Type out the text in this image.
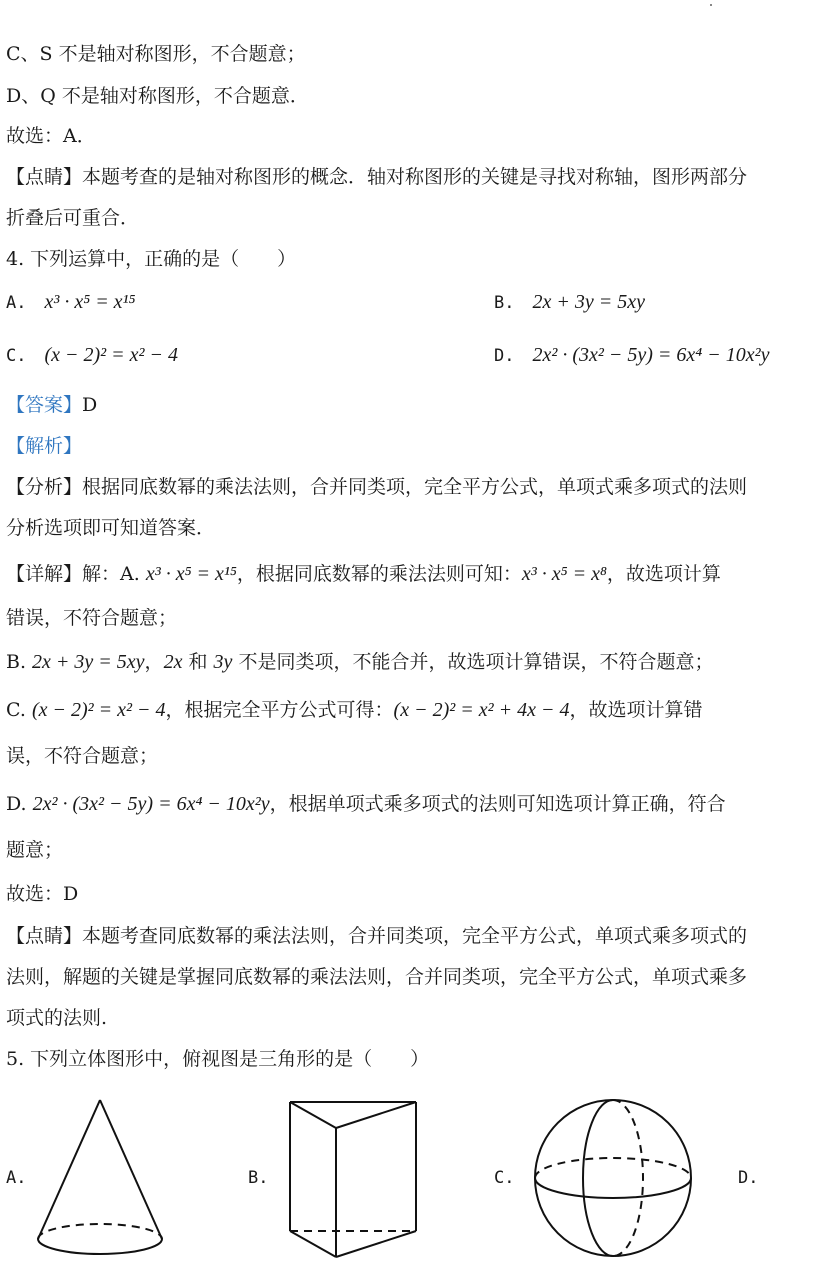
C、S 不是轴对称图形，不合题意；
D、Q 不是轴对称图形，不合题意．
故选：A．
【点睛】本题考查的是轴对称图形的概念．轴对称图形的关键是寻找对称轴，图形两部分
折叠后可重合．
4. 下列运算中，正确的是（　　）
A. x³ · x⁵ = x¹⁵	B. 2x + 3y = 5xy
C. (x − 2)² = x² − 4	D. 2x² · (3x² − 5y) = 6x⁴ − 10x²y
【答案】D
【解析】
【分析】根据同底数幂的乘法法则，合并同类项，完全平方公式，单项式乘多项式的法则
分析选项即可知道答案．
【详解】解：A. x³ · x⁵ = x¹⁵，根据同底数幂的乘法法则可知：x³ · x⁵ = x⁸，故选项计算
错误，不符合题意；
B. 2x + 3y = 5xy，2x 和 3y 不是同类项，不能合并，故选项计算错误，不符合题意；
C. (x − 2)² = x² − 4，根据完全平方公式可得：(x − 2)² = x² + 4x − 4，故选项计算错
误，不符合题意；
D. 2x² · (3x² − 5y) = 6x⁴ − 10x²y，根据单项式乘多项式的法则可知选项计算正确，符合
题意；
故选：D
【点睛】本题考查同底数幂的乘法法则，合并同类项，完全平方公式，单项式乘多项式的
法则，解题的关键是掌握同底数幂的乘法法则，合并同类项，完全平方公式，单项式乘多
项式的法则.
5. 下列立体图形中，俯视图是三角形的是（　　）
A.	B.	C.	D.
